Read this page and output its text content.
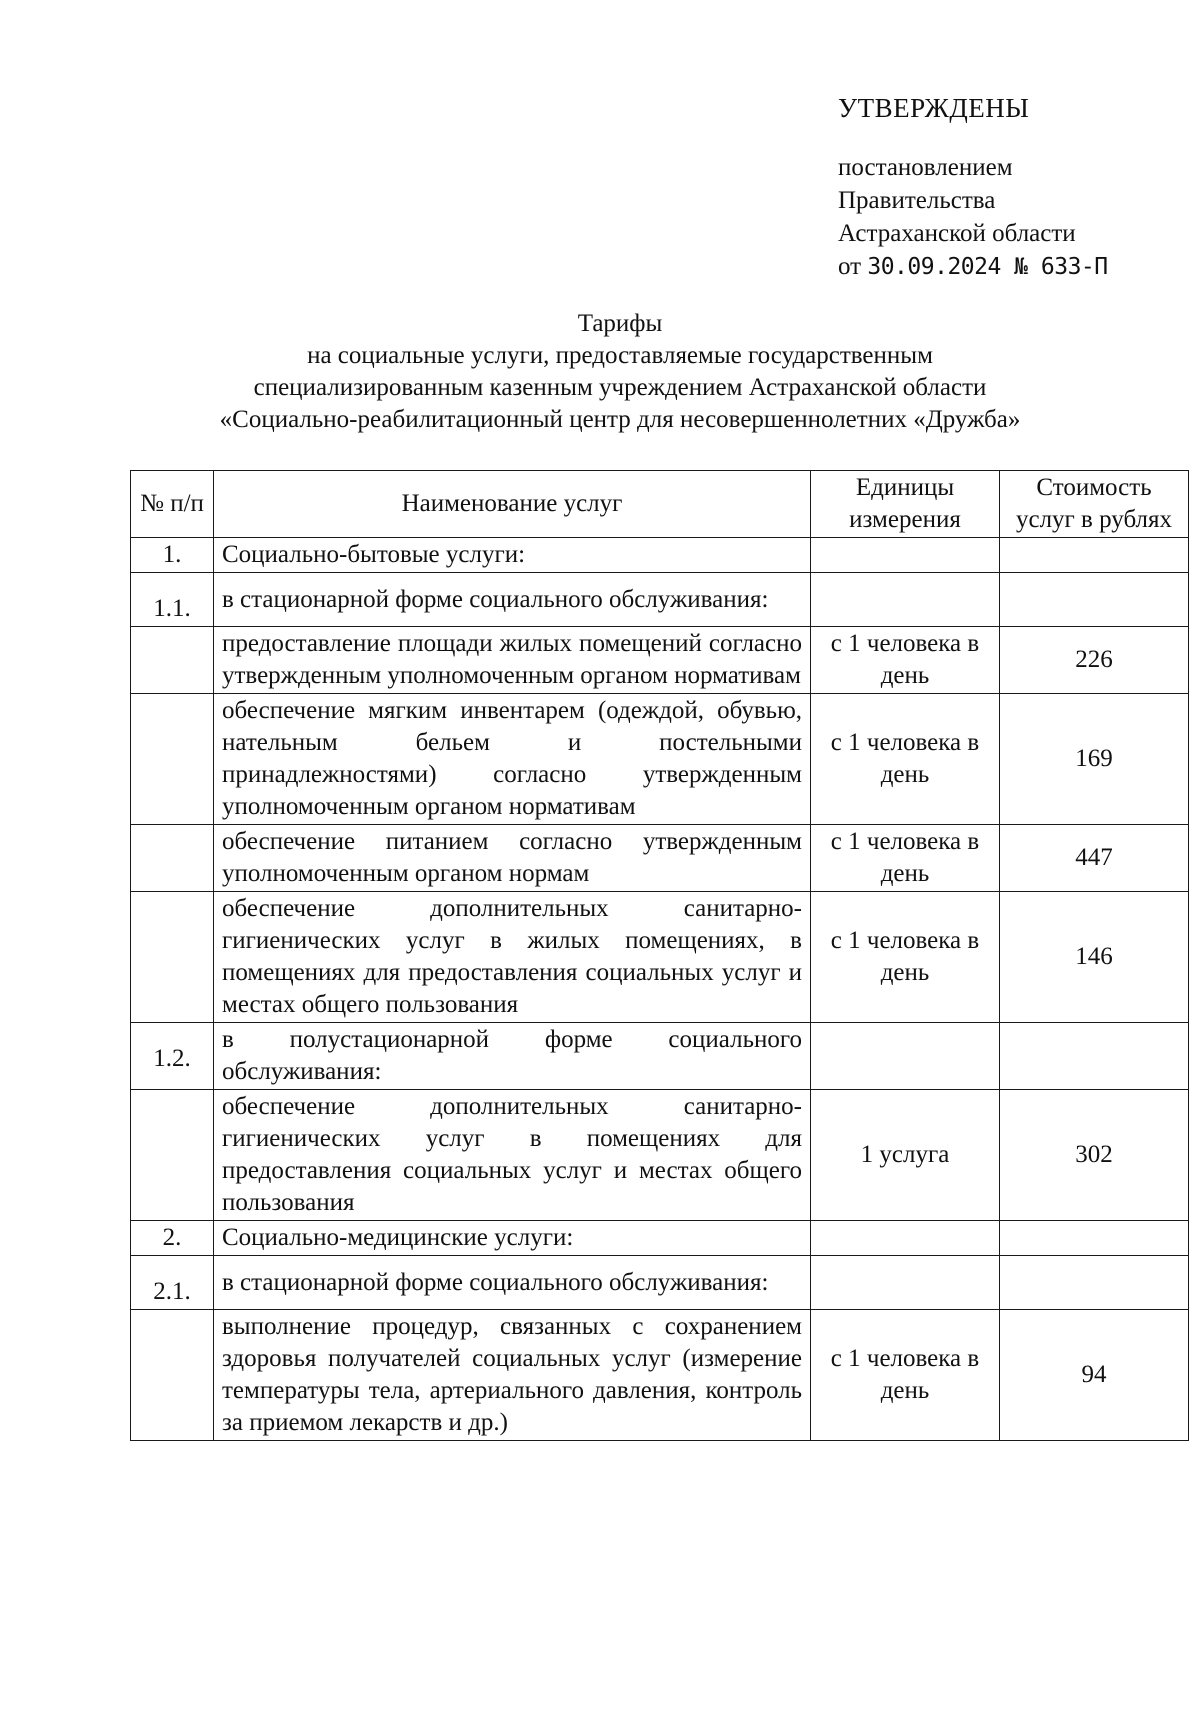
УТВЕРЖДЕНЫ
постановлением
Правительства
Астраханской области
от 30.09.2024 № 633-П
Тарифы
на социальные услуги, предоставляемые государственным
специализированным казенным учреждением Астраханской области
«Социально-реабилитационный центр для несовершеннолетних «Дружба»
№ п/п	Наименование услуг	Единицы измерения	Стоимость услуг в рублях
1.	Социально-бытовые услуги:		
1.1.	в стационарной форме социального обслуживания:		
	предоставление площади жилых помещений согласно утвержденным уполномоченным органом нормативам	с 1 человека в день	226
	обеспечение мягким инвентарем (одеждой, обувью, нательным бельем и постельными принадлежностями) согласно утвержденным уполномоченным органом нормативам	с 1 человека в день	169
	обеспечение питанием согласно утвержденным уполномоченным органом нормам	с 1 человека в день	447
	обеспечение дополнительных санитарно-гигиенических услуг в жилых помещениях, в помещениях для предоставления социальных услуг и местах общего пользования	с 1 человека в день	146
1.2.	в полустационарной форме социального обслуживания:		
	обеспечение дополнительных санитарно-гигиенических услуг в помещениях для предоставления социальных услуг и местах общего пользования	1 услуга	302
2.	Социально-медицинские услуги:		
2.1.	в стационарной форме социального обслуживания:		
	выполнение процедур, связанных с сохранением здоровья получателей социальных услуг (измерение температуры тела, артериального давления, контроль за приемом лекарств и др.)	с 1 человека в день	94
